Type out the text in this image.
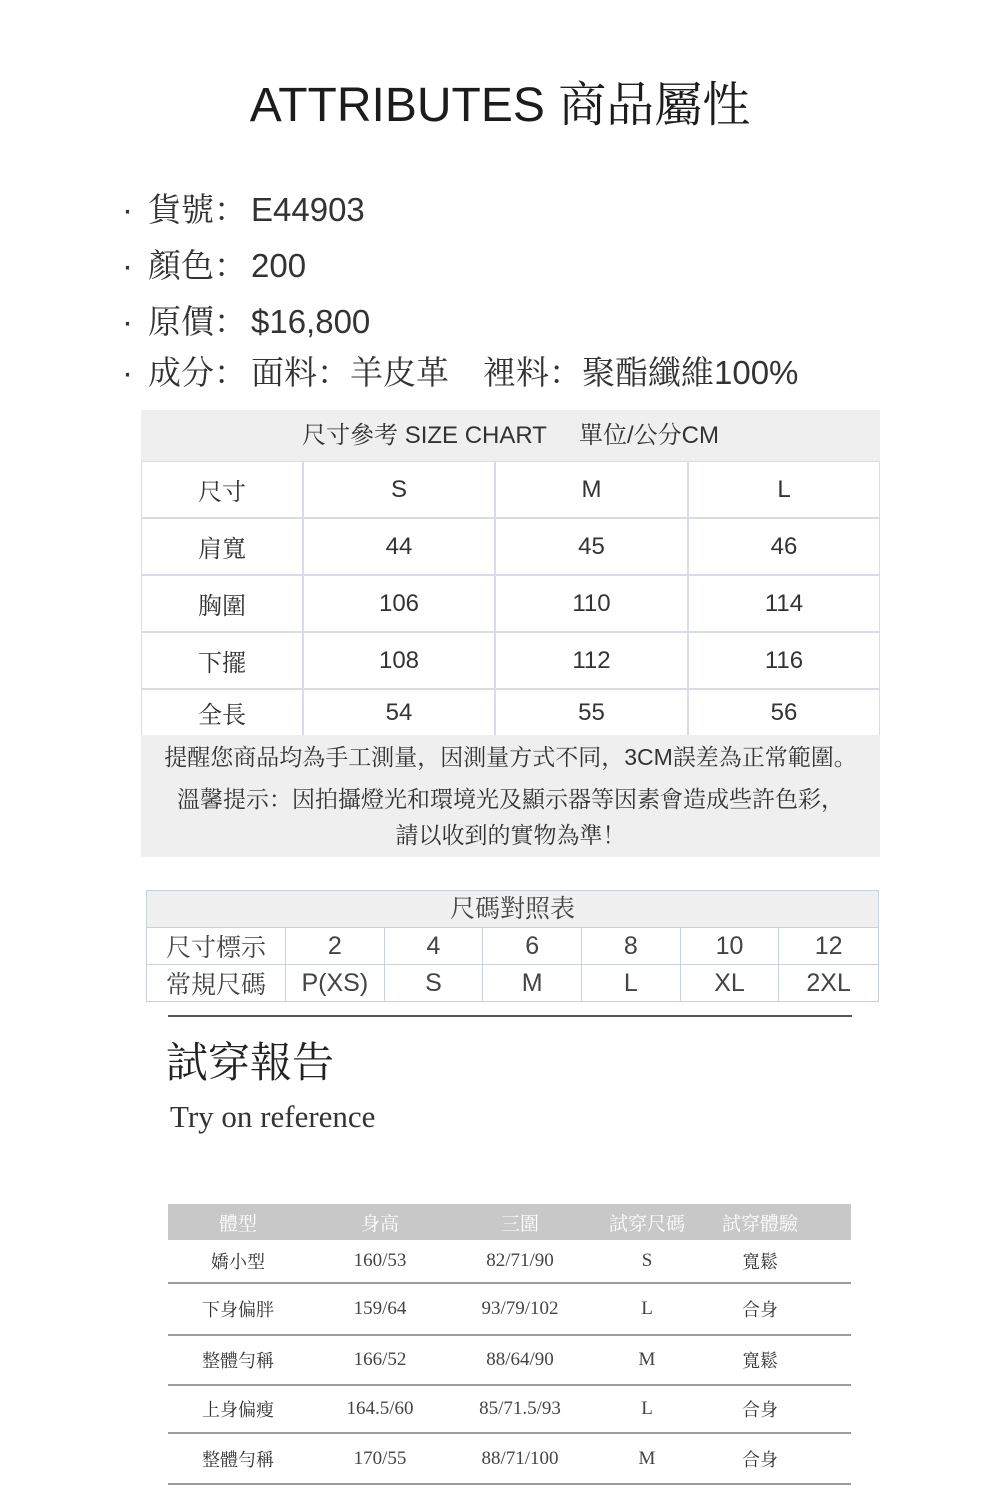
ATTRIBUTES 商品屬性
· 貨號： E44903
· 顏色： 200
· 原價： $16,800
· 成分： 面料：羊皮革 裡料：聚酯纖維100%
尺寸參考 SIZE CHART 單位/公分CM
尺寸	S	M	L
肩寬	44	45	46
胸圍	106	110	114
下擺	108	112	116
全長	54	55	56
提醒您商品均為手工測量，因測量方式不同，3CM誤差為正常範圍。
溫馨提示：因拍攝燈光和環境光及顯示器等因素會造成些許色彩，
請以收到的實物為準！
尺碼對照表
尺寸標示	2	4	6	8	10	12
常規尺碼	P(XS)	S	M	L	XL	2XL
試穿報告
Try on reference
體型	身高	三圍	試穿尺碼	試穿體驗
嬌小型	160/53	82/71/90	S	寬鬆
下身偏胖	159/64	93/79/102	L	合身
整體勻稱	166/52	88/64/90	M	寬鬆
上身偏瘦	164.5/60	85/71.5/93	L	合身
整體勻稱	170/55	88/71/100	M	合身
